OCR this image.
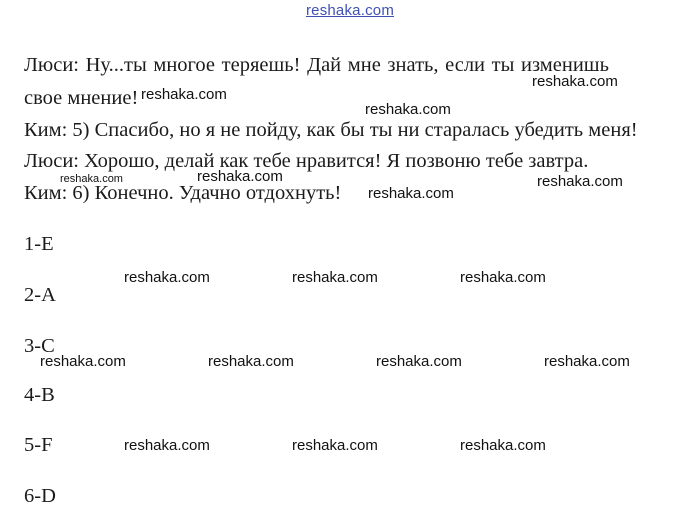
reshaka.com
Люси: Ну...ты многое теряешь! Дай мне знать, если ты изменишь
свое мнение!
Ким: 5) Спасибо, но я не пойду, как бы ты ни старалась убедить меня!
Люси: Хорошо, делай как тебе нравится! Я позвоню тебе завтра.
Ким: 6) Конечно. Удачно отдохнуть!
1-E
2-A
3-C
4-B
5-F
6-D
reshaka.com
reshaka.com
reshaka.com
reshaka.com	reshaka.com	reshaka.com
reshaka.com
reshaka.com	reshaka.com	reshaka.com
reshaka.com	reshaka.com	reshaka.com	reshaka.com
reshaka.com	reshaka.com	reshaka.com
